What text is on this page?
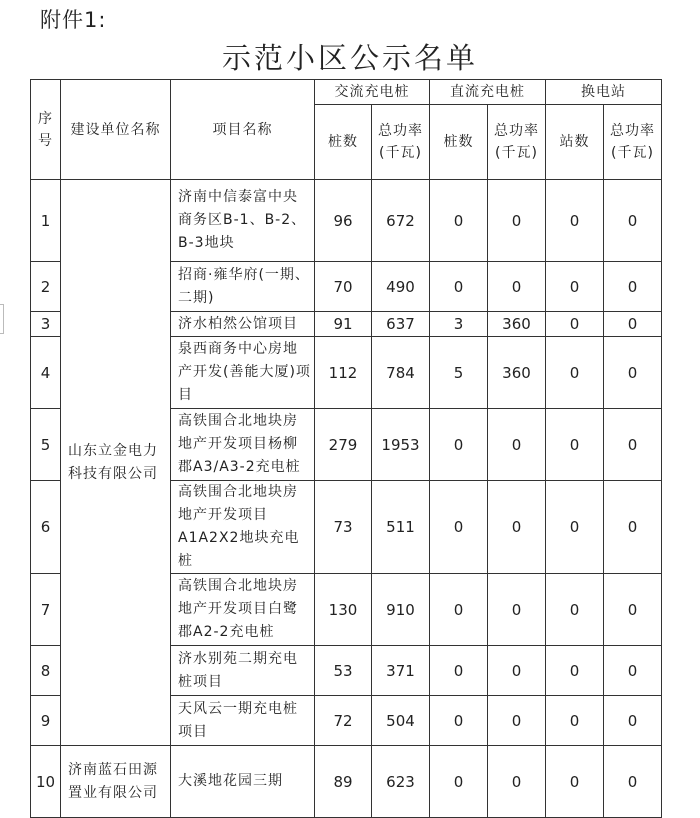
附件1:
示范小区公示名单
序号	建设单位名称	项目名称	交流充电桩		直流充电桩		换电站	
			桩数	总功率(千瓦)	桩数	总功率(千瓦)	站数	总功率(千瓦)
1	山东立金电力科技有限公司	济南中信泰富中央商务区B-1、B-2、B-3地块	96	672	0	0	0	0
2		招商·雍华府(一期、二期)	70	490	0	0	0	0
3		济水柏然公馆项目	91	637	3	360	0	0
4		泉西商务中心房地产开发(善能大厦)项目	112	784	5	360	0	0
5		高铁围合北地块房地产开发项目杨柳郡A3/A3-2充电桩	279	1953	0	0	0	0
6		高铁围合北地块房地产开发项目A1A2X2地块充电桩	73	511	0	0	0	0
7		高铁围合北地块房地产开发项目白鹭郡A2-2充电桩	130	910	0	0	0	0
8		济水别苑二期充电桩项目	53	371	0	0	0	0
9		天风云一期充电桩项目	72	504	0	0	0	0
10	济南蓝石田源置业有限公司	大溪地花园三期	89	623	0	0	0	0
